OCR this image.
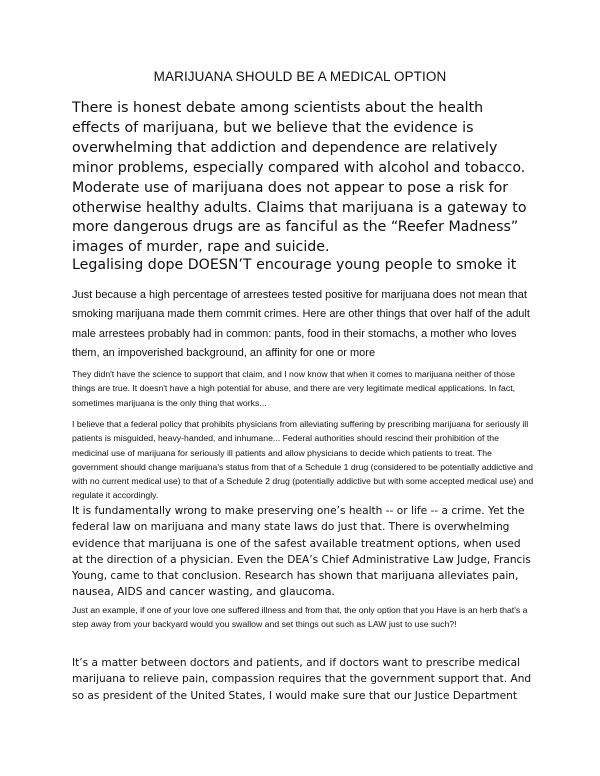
MARIJUANA SHOULD BE A MEDICAL OPTION

There is honest debate among scientists about the health effects of marijuana, but we believe that the evidence is overwhelming that addiction and dependence are relatively minor problems, especially compared with alcohol and tobacco. Moderate use of marijuana does not appear to pose a risk for otherwise healthy adults. Claims that marijuana is a gateway to more dangerous drugs are as fanciful as the “Reefer Madness” images of murder, rape and suicide.

Legalising dope DOESN’T encourage young people to smoke it

Just because a high percentage of arrestees tested positive for marijuana does not mean that smoking marijuana made them commit crimes. Here are other things that over half of the adult male arrestees probably had in common: pants, food in their stomachs, a mother who loves them, an impoverished background, an affinity for one or more

They didn't have the science to support that claim, and I now know that when it comes to marijuana neither of those things are true. It doesn't have a high potential for abuse, and there are very legitimate medical applications. In fact, sometimes marijuana is the only thing that works...

I believe that a federal policy that prohibits physicians from alleviating suffering by prescribing marijuana for seriously ill patients is misguided, heavy-handed, and inhumane... Federal authorities should rescind their prohibition of the medicinal use of marijuana for seriously ill patients and allow physicians to decide which patients to treat. The government should change marijuana's status from that of a Schedule 1 drug (considered to be potentially addictive and with no current medical use) to that of a Schedule 2 drug (potentially addictive but with some accepted medical use) and regulate it accordingly.

It is fundamentally wrong to make preserving one’s health -- or life -- a crime. Yet the federal law on marijuana and many state laws do just that. There is overwhelming evidence that marijuana is one of the safest available treatment options, when used at the direction of a physician. Even the DEA’s Chief Administrative Law Judge, Francis Young, came to that conclusion. Research has shown that marijuana alleviates pain, nausea, AIDS and cancer wasting, and glaucoma.

Just an example, if one of your love one suffered illness and from that, the only option that you Have is an herb that's a step away from your backyard would you swallow and set things out such as LAW just to use such?!

It’s a matter between doctors and patients, and if doctors want to prescribe medical marijuana to relieve pain, compassion requires that the government support that. And so as president of the United States, I would make sure that our Justice Department
